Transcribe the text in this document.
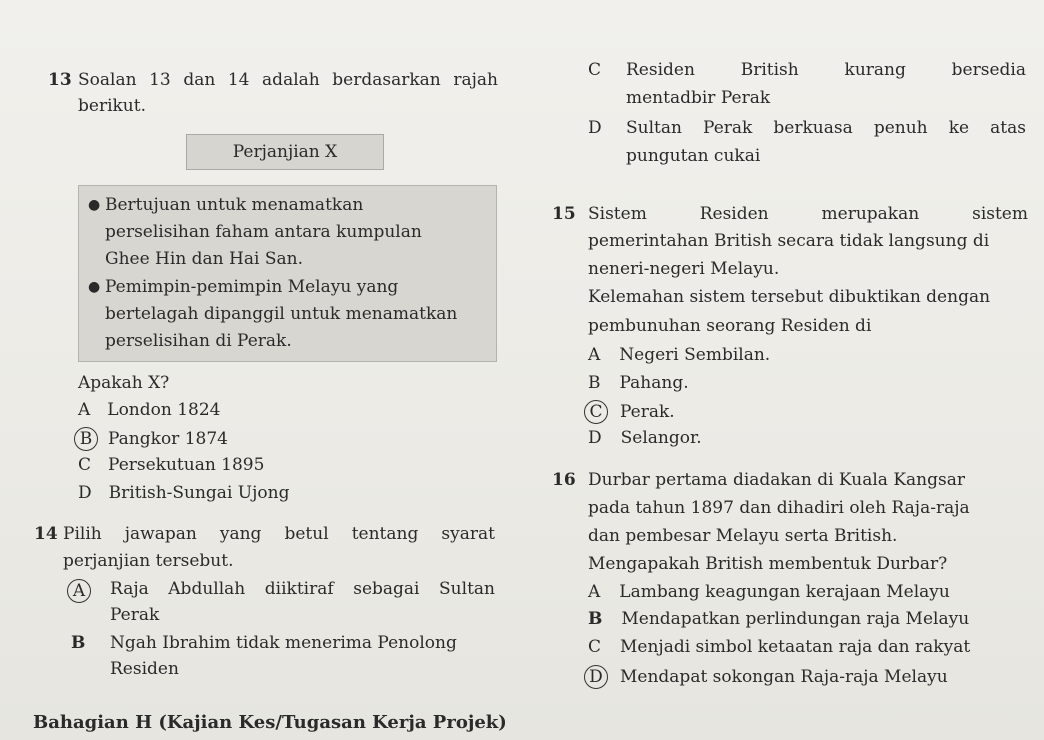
13 Soalan 13 dan 14 adalah berdasarkan rajah
berikut.
Perjanjian X
● Bertujuan untuk menamatkan
perselisihan faham antara kumpulan
Ghee Hin dan Hai San.
● Pemimpin-pemimpin Melayu yang
bertelagah dipanggil untuk menamatkan
perselisihan di Perak.
Apakah X?
A London 1824
B Pangkor 1874
C Persekutuan 1895
D British-Sungai Ujong
14 Pilih jawapan yang betul tentang syarat
perjanjian tersebut.
A Raja Abdullah diiktiraf sebagai Sultan
Perak
B Ngah Ibrahim tidak menerima Penolong
Residen
C Residen	British	kurang	bersedia
mentadbir Perak
D Sultan Perak berkuasa penuh ke atas
pungutan cukai
15 Sistem	Residen	merupakan	sistem
pemerintahan British secara tidak langsung di
neneri-negeri Melayu.
Kelemahan sistem tersebut dibuktikan dengan
pembunuhan seorang Residen di
A Negeri Sembilan.
B Pahang.
C Perak.
D Selangor.
16 Durbar pertama diadakan di Kuala Kangsar
pada tahun 1897 dan dihadiri oleh Raja-raja
dan pembesar Melayu serta British.
Mengapakah British membentuk Durbar?
A Lambang keagungan kerajaan Melayu
B Mendapatkan perlindungan raja Melayu
C Menjadi simbol ketaatan raja dan rakyat
D Mendapat sokongan Raja-raja Melayu
Bahagian H (Kajian Kes/Tugasan Kerja Projek)
